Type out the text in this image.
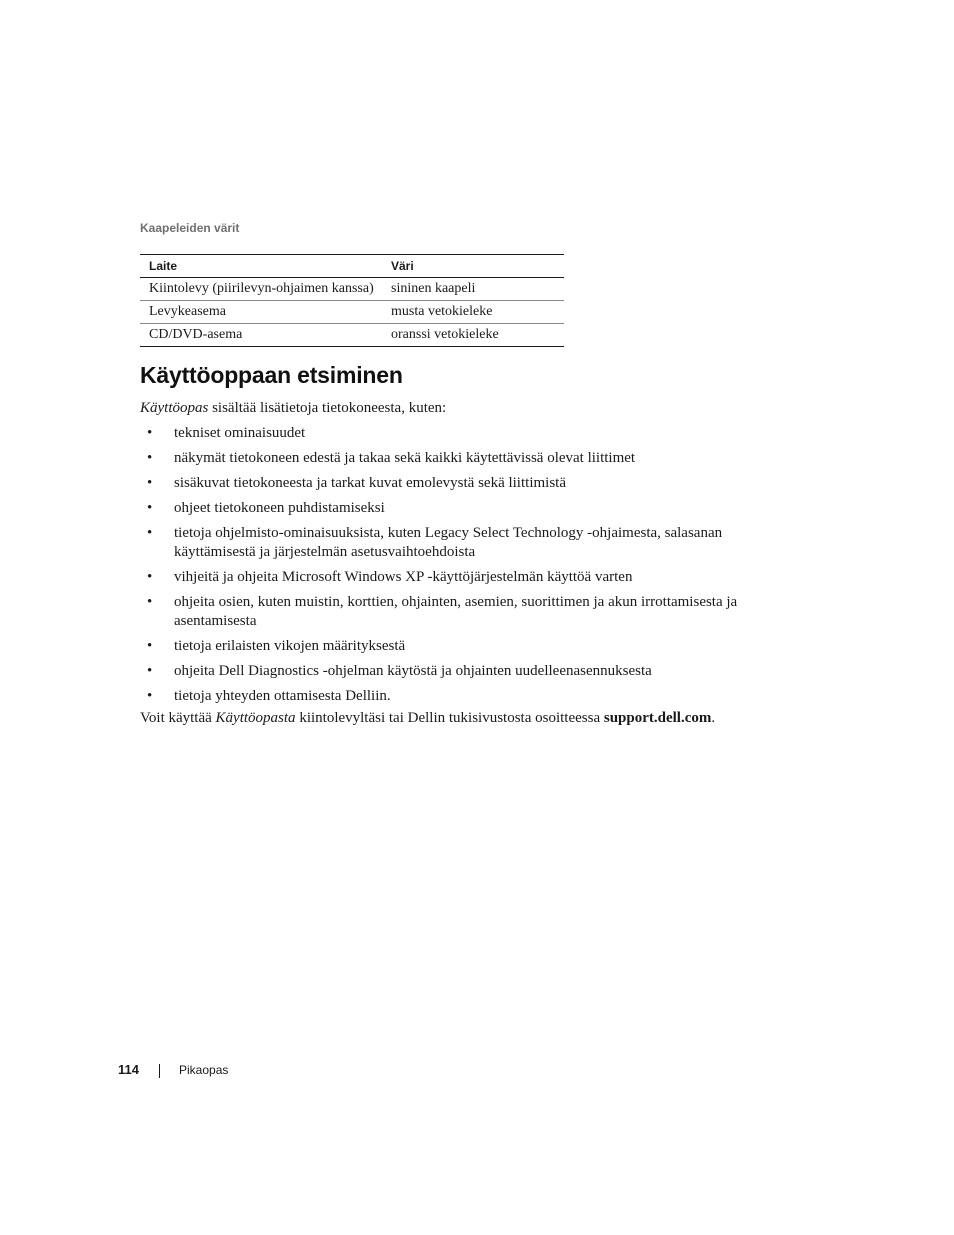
Kaapeleiden värit
Laite	Väri
Kiintolevy (piirilevyn-ohjaimen kanssa)	sininen kaapeli
Levykeasema	musta vetokieleke
CD/DVD-asema	oranssi vetokieleke
Käyttöoppaan etsiminen

Käyttöopas sisältää lisätietoja tietokoneesta, kuten:

• tekniset ominaisuudet
• näkymät tietokoneen edestä ja takaa sekä kaikki käytettävissä olevat liittimet
• sisäkuvat tietokoneesta ja tarkat kuvat emolevystä sekä liittimistä
• ohjeet tietokoneen puhdistamiseksi
• tietoja ohjelmisto-ominaisuuksista, kuten Legacy Select Technology -ohjaimesta, salasanan käyttämisestä ja järjestelmän asetusvaihtoehdoista
• vihjeitä ja ohjeita Microsoft Windows XP -käyttöjärjestelmän käyttöä varten
• ohjeita osien, kuten muistin, korttien, ohjainten, asemien, suorittimen ja akun irrottamisesta ja asentamisesta
• tietoja erilaisten vikojen määrityksestä
• ohjeita Dell Diagnostics -ohjelman käytöstä ja ohjainten uudelleenasennuksesta
• tietoja yhteyden ottamisesta Delliin.

Voit käyttää Käyttöopasta kiintolevyltäsi tai Dellin tukisivustosta osoitteessa support.dell.com.

114	Pikaopas
